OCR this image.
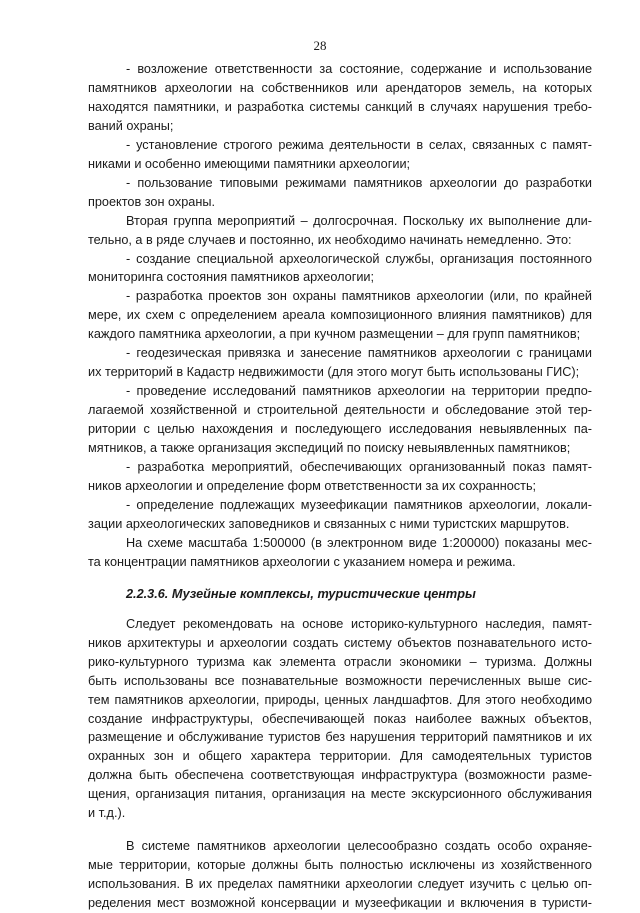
28

- возложение ответственности за состояние, содержание и использование
памятников археологии на собственников или арендаторов земель, на которых
находятся памятники, и разработка системы санкций в случаях нарушения требо-
ваний охраны;

- установление строгого режима деятельности в селах, связанных с памят-
никами и особенно имеющими памятники археологии;

- пользование типовыми режимами памятников археологии до разработки
проектов зон охраны.

Вторая группа мероприятий – долгосрочная. Поскольку их выполнение дли-
тельно, а в ряде случаев и постоянно, их необходимо начинать немедленно. Это:

- создание специальной археологической службы, организация постоянного
мониторинга состояния памятников археологии;

- разработка проектов зон охраны памятников археологии (или, по крайней
мере, их схем с определением ареала композиционного влияния памятников) для
каждого памятника археологии, а при кучном размещении – для групп памятников;

- геодезическая привязка и занесение памятников археологии с границами
их территорий в Кадастр недвижимости (для этого могут быть использованы ГИС);

- проведение исследований памятников археологии на территории предпо-
лагаемой хозяйственной и строительной деятельности и обследование этой тер-
ритории с целью нахождения и последующего исследования невыявленных па-
мятников, а также организация экспедиций по поиску невыявленных памятников;

- разработка мероприятий, обеспечивающих организованный показ памят-
ников археологии и определение форм ответственности за их сохранность;

- определение подлежащих музеефикации памятников археологии, локали-
зации археологических заповедников и связанных с ними туристских маршрутов.

На схеме масштаба 1:500000 (в электронном виде 1:200000) показаны мес-
та концентрации памятников археологии с указанием номера и режима.

2.2.3.6. Музейные комплексы, туристические центры

Следует рекомендовать на основе историко-культурного наследия, памят-
ников архитектуры и археологии создать систему объектов познавательного исто-
рико-культурного туризма как элемента отрасли экономики – туризма. Должны
быть использованы все познавательные возможности перечисленных выше сис-
тем памятников археологии, природы, ценных ландшафтов. Для этого необходимо
создание инфраструктуры, обеспечивающей показ наиболее важных объектов,
размещение и обслуживание туристов без нарушения территорий памятников и их
охранных зон и общего характера территории. Для самодеятельных туристов
должна быть обеспечена соответствующая инфраструктура (возможности разме-
щения, организация питания, организация на месте экскурсионного обслуживания
и т.д.).

В системе памятников археологии целесообразно создать особо охраняе-
мые территории, которые должны быть полностью исключены из хозяйственного
использования. В их пределах памятники археологии следует изучить с целью оп-
ределения мест возможной консервации и музеефикации и включения в туристи-
